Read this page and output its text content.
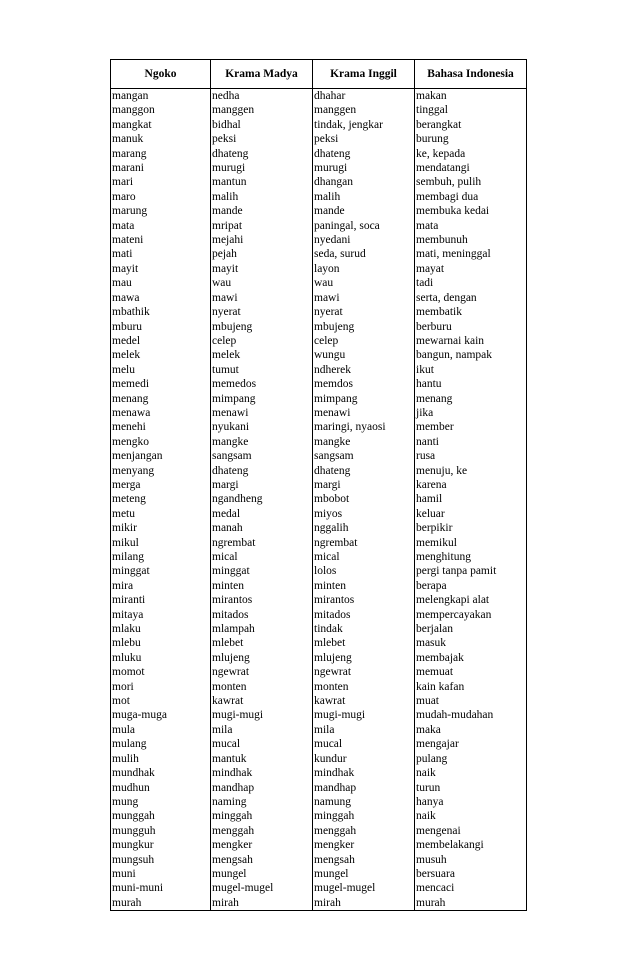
Ngoko	Krama Madya	Krama Inggil	Bahasa Indonesia
mangan	nedha	dhahar	makan
manggon	manggen	manggen	tinggal
mangkat	bidhal	tindak, jengkar	berangkat
manuk	peksi	peksi	burung
marang	dhateng	dhateng	ke, kepada
marani	murugi	murugi	mendatangi
mari	mantun	dhangan	sembuh, pulih
maro	malih	malih	membagi dua
marung	mande	mande	membuka kedai
mata	mripat	paningal, soca	mata
mateni	mejahi	nyedani	membunuh
mati	pejah	seda, surud	mati, meninggal
mayit	mayit	layon	mayat
mau	wau	wau	tadi
mawa	mawi	mawi	serta, dengan
mbathik	nyerat	nyerat	membatik
mburu	mbujeng	mbujeng	berburu
medel	celep	celep	mewarnai kain
melek	melek	wungu	bangun, nampak
melu	tumut	ndherek	ikut
memedi	memedos	memdos	hantu
menang	mimpang	mimpang	menang
menawa	menawi	menawi	jika
menehi	nyukani	maringi, nyaosi	member
mengko	mangke	mangke	nanti
menjangan	sangsam	sangsam	rusa
menyang	dhateng	dhateng	menuju, ke
merga	margi	margi	karena
meteng	ngandheng	mbobot	hamil
metu	medal	miyos	keluar
mikir	manah	nggalih	berpikir
mikul	ngrembat	ngrembat	memikul
milang	mical	mical	menghitung
minggat	minggat	lolos	pergi tanpa pamit
mira	minten	minten	berapa
miranti	mirantos	mirantos	melengkapi alat
mitaya	mitados	mitados	mempercayakan
mlaku	mlampah	tindak	berjalan
mlebu	mlebet	mlebet	masuk
mluku	mlujeng	mlujeng	membajak
momot	ngewrat	ngewrat	memuat
mori	monten	monten	kain kafan
mot	kawrat	kawrat	muat
muga-muga	mugi-mugi	mugi-mugi	mudah-mudahan
mula	mila	mila	maka
mulang	mucal	mucal	mengajar
mulih	mantuk	kundur	pulang
mundhak	mindhak	mindhak	naik
mudhun	mandhap	mandhap	turun
mung	naming	namung	hanya
munggah	minggah	minggah	naik
mungguh	menggah	menggah	mengenai
mungkur	mengker	mengker	membelakangi
mungsuh	mengsah	mengsah	musuh
muni	mungel	mungel	bersuara
muni-muni	mugel-mugel	mugel-mugel	mencaci
murah	mirah	mirah	murah
